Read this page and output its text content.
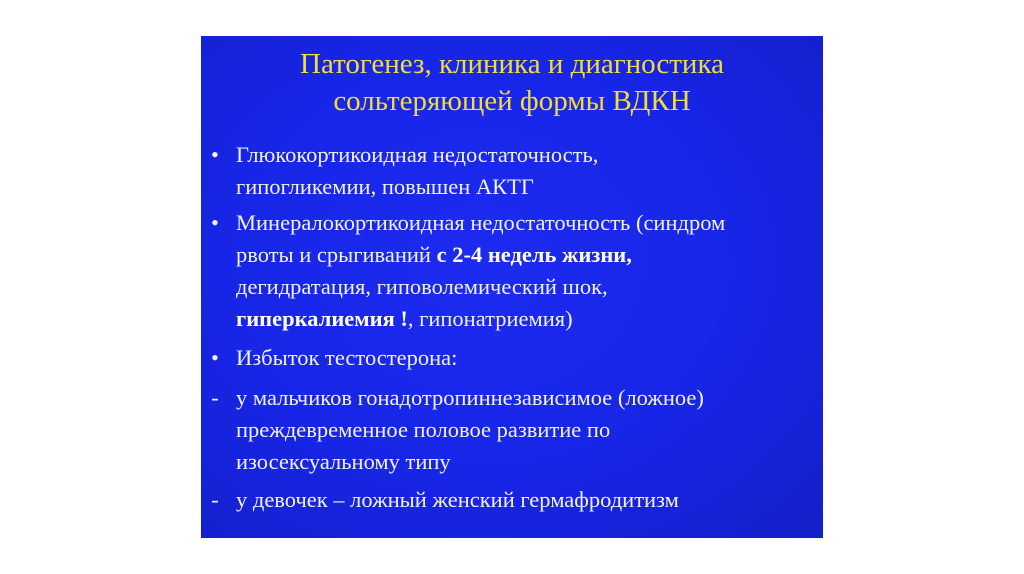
Патогенез, клиника и диагностика
сольтеряющей формы ВДКН
• Глюкокортикоидная недостаточность,
гипогликемии, повышен АКТГ
• Минералокортикоидная недостаточность (синдром
рвоты и срыгиваний с 2-4 недель жизни,
дегидратация, гиповолемический шок,
гиперкалиемия !, гипонатриемия)
• Избыток тестостерона:
- у мальчиков гонадотропиннезависимое (ложное)
преждевременное половое развитие по
изосексуальному типу
- у девочек – ложный женский гермафродитизм
